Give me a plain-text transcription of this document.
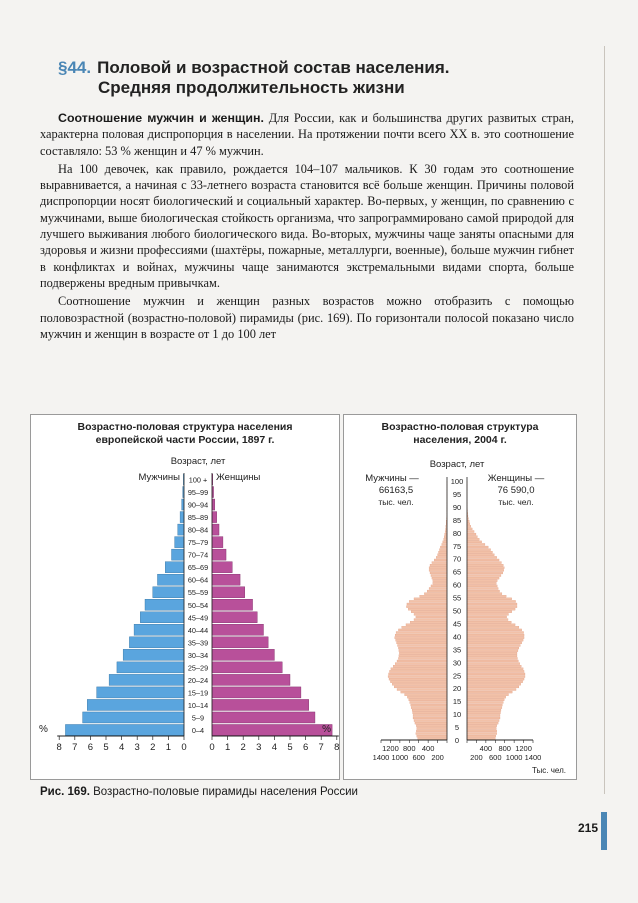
§44. Половой и возрастной состав населения.
Средняя продолжительность жизни

Соотношение мужчин и женщин. Для России, как и большинства других развитых стран, характерна половая диспропорция в населении. На протяжении почти всего XX в. это соотношение составляло: 53 % женщин и 47 % мужчин.

На 100 девочек, как правило, рождается 104–107 мальчиков. К 30 годам это соотношение выравнивается, а начиная с 33-летнего возраста становится всё больше женщин. Причины половой диспропорции носят биологический и социальный характер. Во-первых, у женщин, по сравнению с мужчинами, выше биологическая стойкость организма, что запрограммировано самой природой для лучшего выживания любого биологического вида. Во-вторых, мужчины чаще заняты опасными для здоровья и жизни профессиями (шахтёры, пожарные, металлурги, военные), больше мужчин гибнет в конфликтах и войнах, мужчины чаще занимаются экстремальными видами спорта, больше подвержены вредным привычкам.

Соотношение мужчин и женщин разных возрастов можно отобразить с помощью половозрастной (возрастно-половой) пирамиды (рис. 169). По горизонтали полосой показано число мужчин и женщин в возрасте от 1 до 100 лет

Возрастно-половая структура населения европейской части России, 1897 г.
Возраст, лет
Мужчины	Женщины
0–4
5–9
10–14
15–19
20–24
25–29
30–34
35–39
40–44
45–49
50–54
55–59
60–64
65–69
70–74
75–79
80–84
85–89
90–94
95–99
100 +
8 7 6 5 4 3 2 1 0 0 1 2 3 4 5 6 7 8
%	%
Возрастно-половая структура населения, 2004 г.
Возраст, лет
Мужчины —
66163,5
тыс. чел.
Женщины —
76 590,0
тыс. чел.
0
5
10
15
20
25
30
35
40
45
50
55
60
65
70
75
80
85
90
95
100
1200 800 400
1400 1000 600 200
400 800 1200
200 600 1000 1400
Тыс. чел.
Рис. 169. Возрастно-половые пирамиды населения России
215
